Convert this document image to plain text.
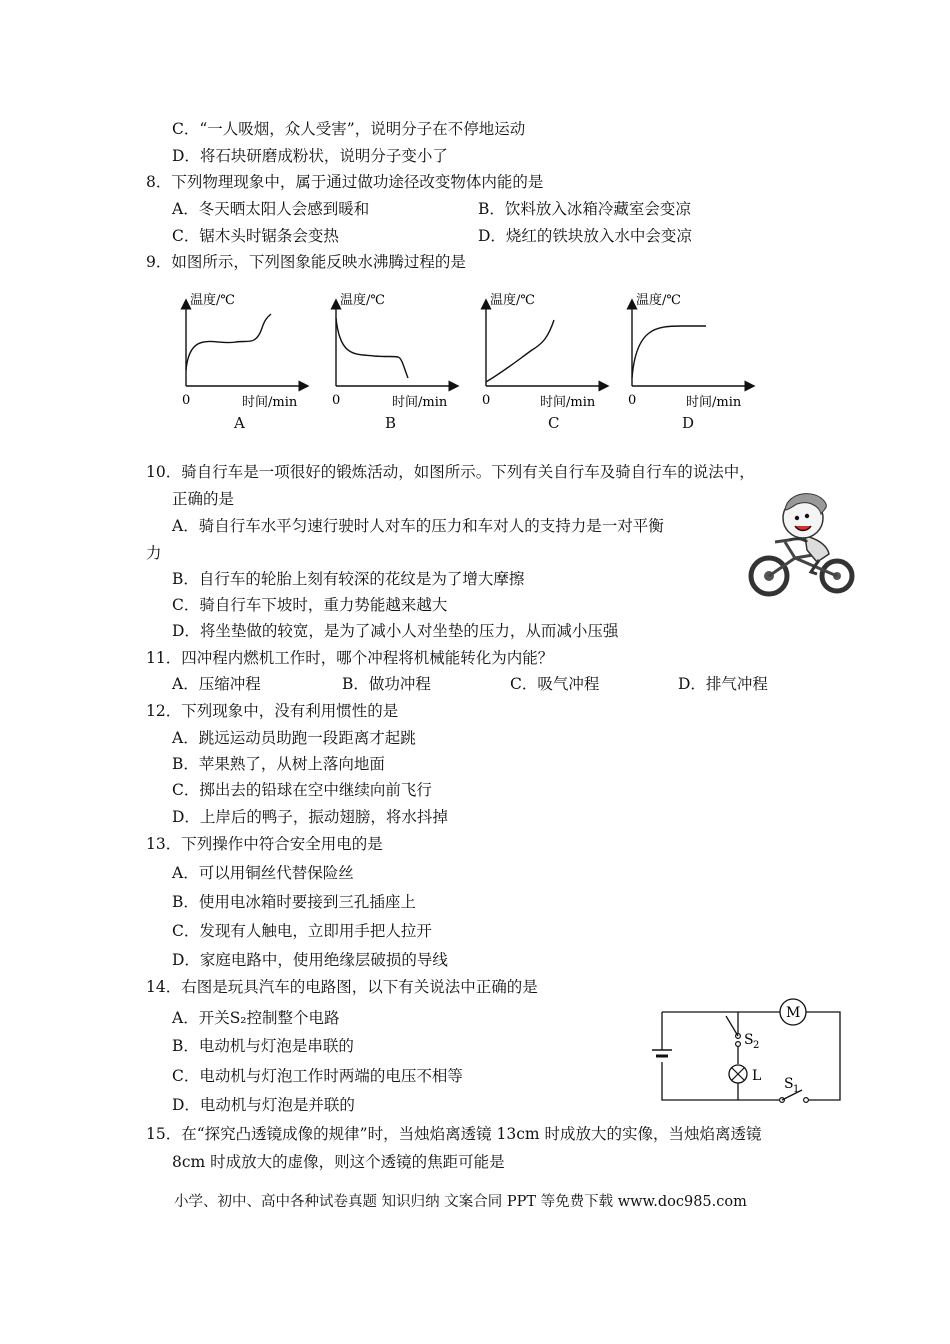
C．“一人吸烟，众人受害”，说明分子在不停地运动
D．将石块研磨成粉状，说明分子变小了
8．下列物理现象中，属于通过做功途径改变物体内能的是
A．冬天晒太阳人会感到暖和	B．饮料放入冰箱冷藏室会变凉
C．锯木头时锯条会变热	D．烧红的铁块放入水中会变凉
9．如图所示，下列图象能反映水沸腾过程的是
温度/℃
0	时间/min
A
温度/℃
0	时间/min
B
温度/℃
0	时间/min
C
温度/℃
0	时间/min
D
10．骑自行车是一项很好的锻炼活动，如图所示。下列有关自行车及骑自行车的说法中，
正确的是
A．骑自行车水平匀速行驶时人对车的压力和车对人的支持力是一对平衡
力
B．自行车的轮胎上刻有较深的花纹是为了增大摩擦
C．骑自行车下坡时，重力势能越来越大
D．将坐垫做的较宽，是为了减小人对坐垫的压力，从而减小压强
11．四冲程内燃机工作时，哪个冲程将机械能转化为内能？
A．压缩冲程	B．做功冲程	C．吸气冲程	D．排气冲程
12．下列现象中，没有利用惯性的是
A．跳远运动员助跑一段距离才起跳
B．苹果熟了，从树上落向地面
C．掷出去的铅球在空中继续向前飞行
D．上岸后的鸭子，振动翅膀，将水抖掉
13．下列操作中符合安全用电的是
A．可以用铜丝代替保险丝
B．使用电冰箱时要接到三孔插座上
C．发现有人触电，立即用手把人拉开
D．家庭电路中，使用绝缘层破损的导线
14．右图是玩具汽车的电路图，以下有关说法中正确的是
A．开关S₂控制整个电路
B．电动机与灯泡是串联的
C．电动机与灯泡工作时两端的电压不相等
D．电动机与灯泡是并联的
M
S 2
L S 1
15．在“探究凸透镜成像的规律”时，当烛焰离透镜 13cm 时成放大的实像，当烛焰离透镜
8cm 时成放大的虚像，则这个透镜的焦距可能是
小学、初中、高中各种试卷真题 知识归纳 文案合同 PPT 等免费下载 www.doc985.com
